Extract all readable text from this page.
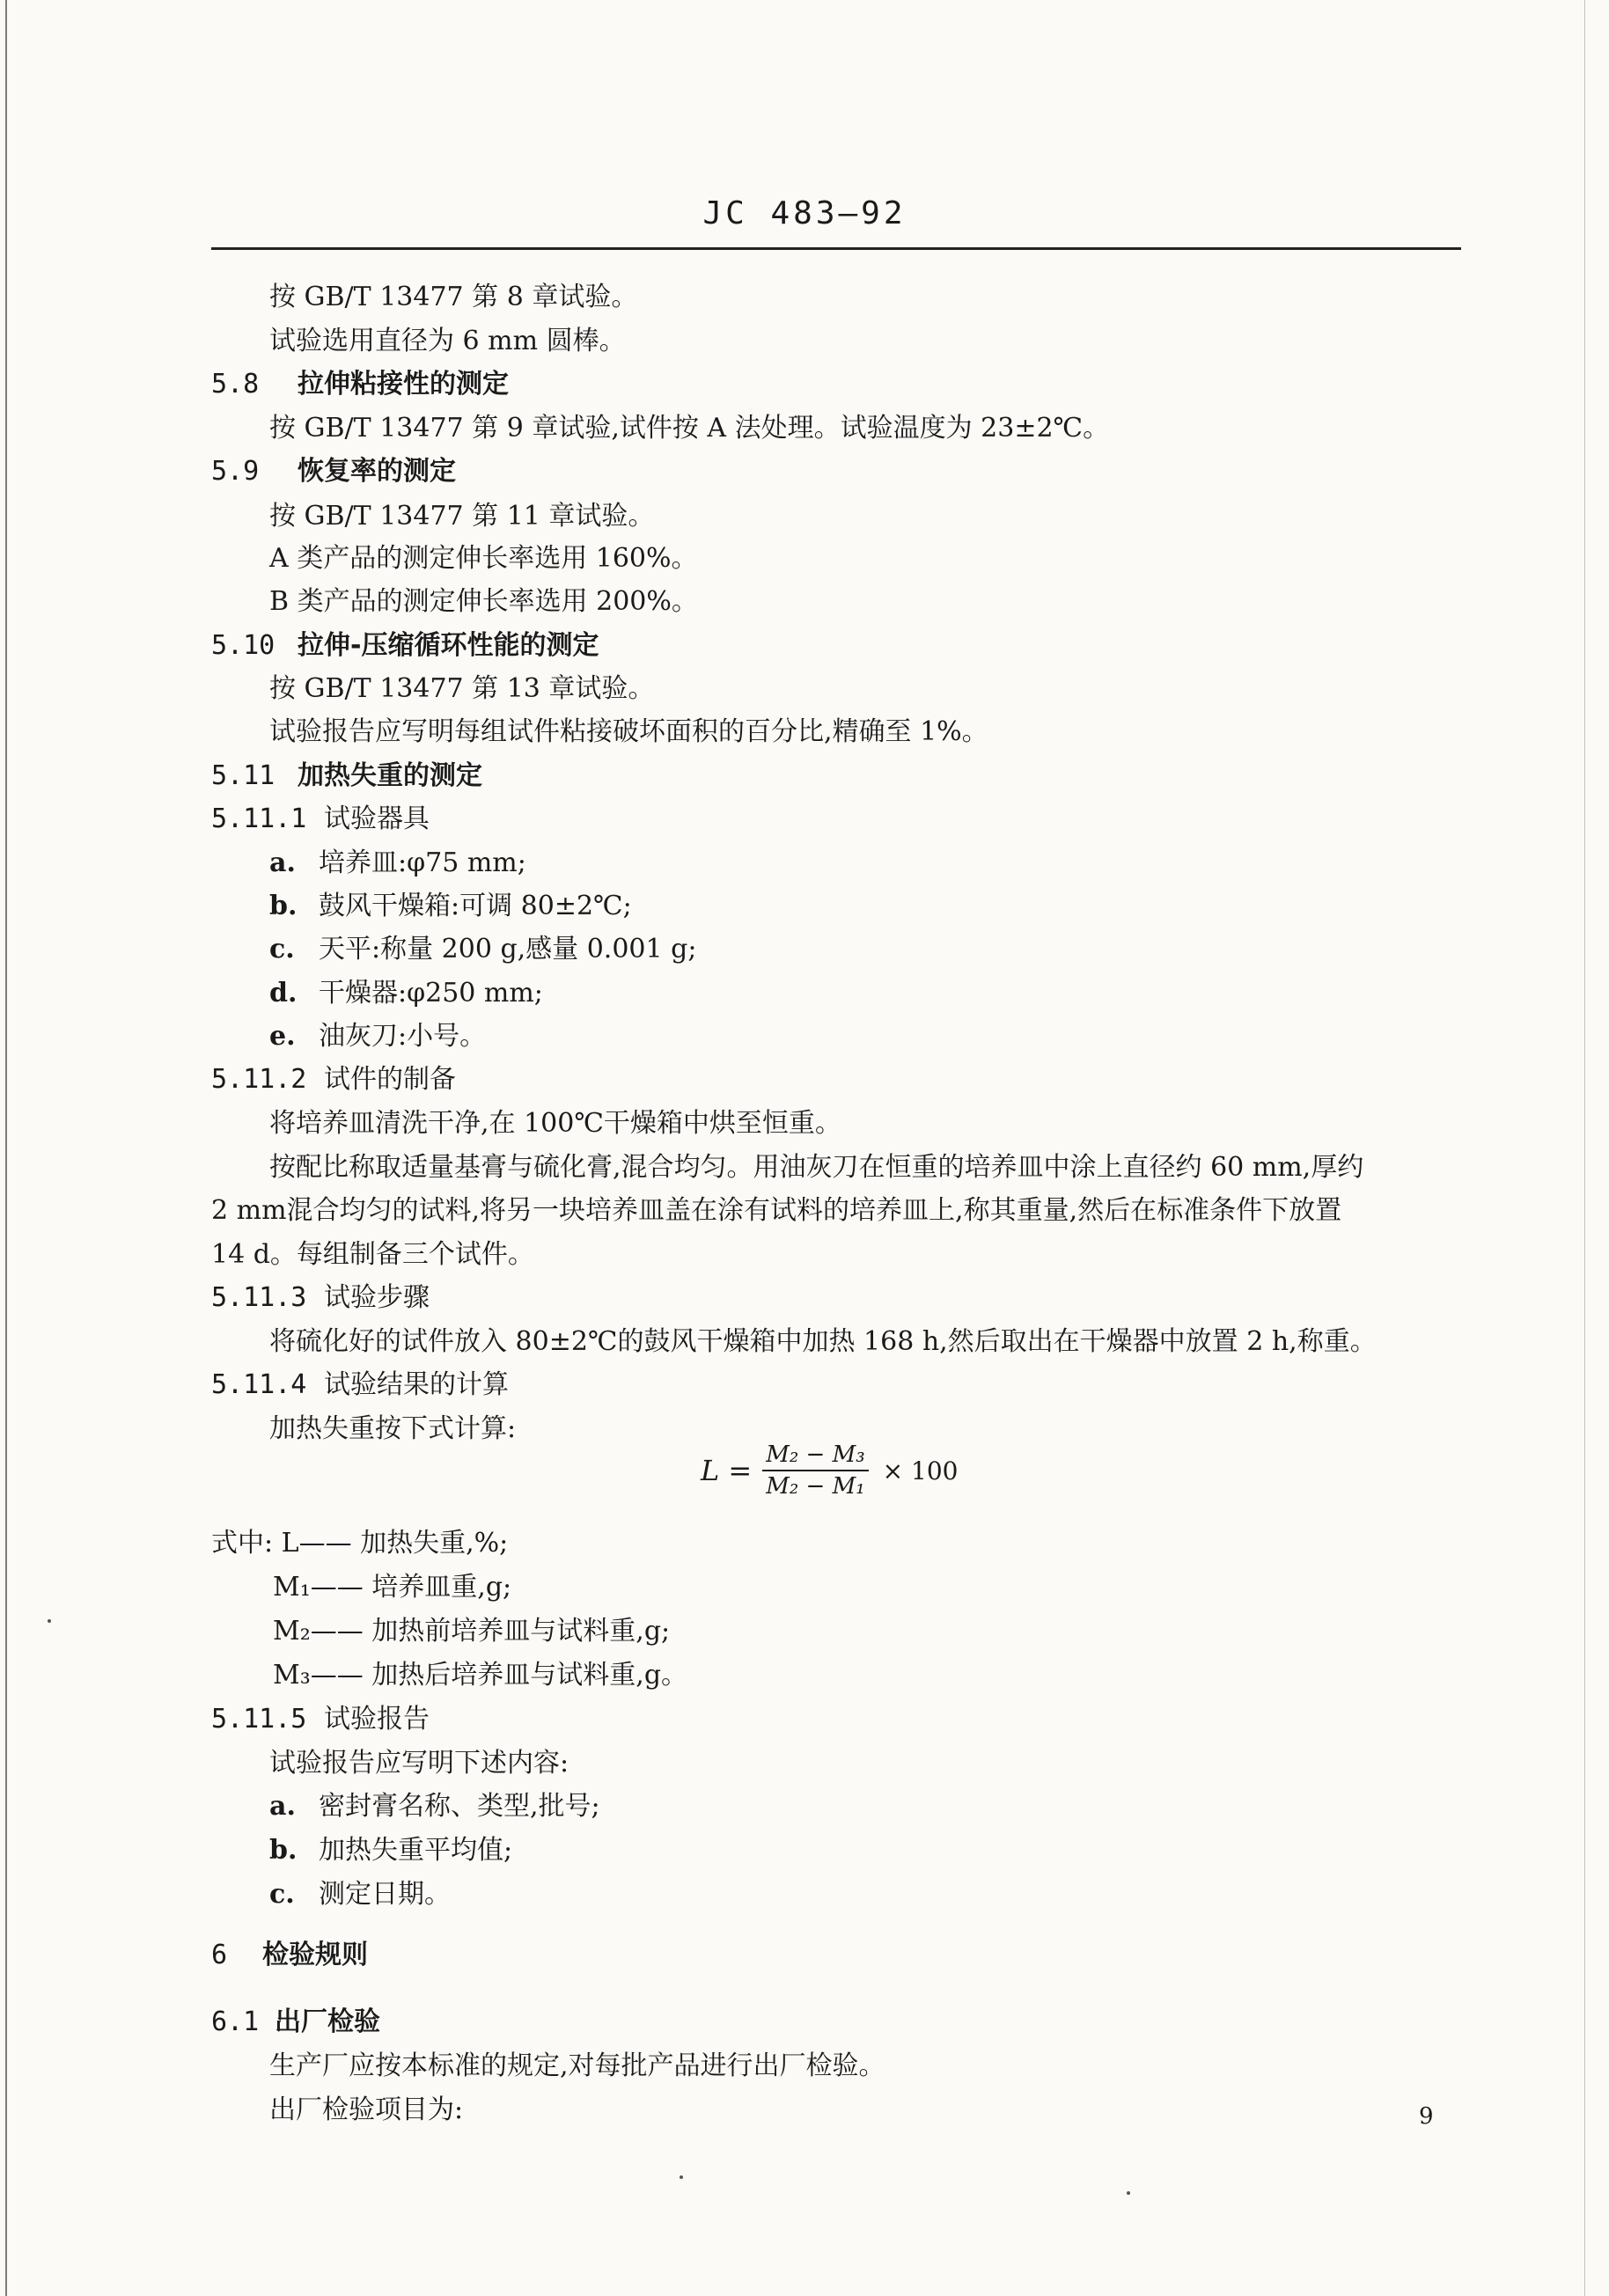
JC 483—92
按 GB/T 13477 第 8 章试验。
试验选用直径为 6 mm 圆棒。
5.8 拉伸粘接性的测定
按 GB/T 13477 第 9 章试验,试件按 A 法处理。试验温度为 23±2℃。
5.9 恢复率的测定
按 GB/T 13477 第 11 章试验。
A 类产品的测定伸长率选用 160%。
B 类产品的测定伸长率选用 200%。
5.10 拉伸-压缩循环性能的测定
按 GB/T 13477 第 13 章试验。
试验报告应写明每组试件粘接破坏面积的百分比,精确至 1%。
5.11 加热失重的测定
5.11.1 试验器具
a. 培养皿:φ75 mm;
b. 鼓风干燥箱:可调 80±2℃;
c. 天平:称量 200 g,感量 0.001 g;
d. 干燥器:φ250 mm;
e. 油灰刀:小号。
5.11.2 试件的制备
将培养皿清洗干净,在 100℃干燥箱中烘至恒重。
按配比称取适量基膏与硫化膏,混合均匀。用油灰刀在恒重的培养皿中涂上直径约 60 mm,厚约
2 mm混合均匀的试料,将另一块培养皿盖在涂有试料的培养皿上,称其重量,然后在标准条件下放置
14 d。每组制备三个试件。
5.11.3 试验步骤
将硫化好的试件放入 80±2℃的鼓风干燥箱中加热 168 h,然后取出在干燥器中放置 2 h,称重。
5.11.4 试验结果的计算
加热失重按下式计算:
$L = \frac{\text{M₂ − M₃}}{\text{M₂ − M₁}} \times 100$
式中: L—— 加热失重,%;
M₁—— 培养皿重,g;
M₂—— 加热前培养皿与试料重,g;
M₃—— 加热后培养皿与试料重,g。
5.11.5 试验报告
试验报告应写明下述内容:
a. 密封膏名称、类型,批号;
b. 加热失重平均值;
c. 测定日期。
6 检验规则
6.1 出厂检验
生产厂应按本标准的规定,对每批产品进行出厂检验。
出厂检验项目为:	9
